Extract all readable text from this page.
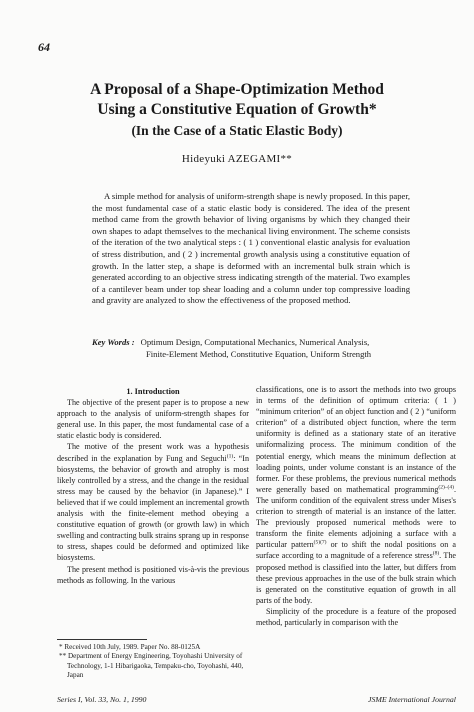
64
A Proposal of a Shape-Optimization Method
Using a Constitutive Equation of Growth*
(In the Case of a Static Elastic Body)
Hideyuki AZEGAMI**
A simple method for analysis of uniform-strength shape is newly proposed. In this paper, the most fundamental case of a static elastic body is considered. The idea of the present method came from the growth behavior of living organisms by which they changed their own shapes to adapt themselves to the mechanical living environment. The scheme consists of the iteration of the two analytical steps : ( 1 ) conventional elastic analysis for evaluation of stress distribution, and ( 2 ) incremental growth analysis using a constitutive equation of growth. In the latter step, a shape is deformed with an incremental bulk strain which is generated according to an objective stress indicating strength of the material. Two examples of a cantilever beam under top shear loading and a column under top compressive loading and gravity are analyzed to show the effectiveness of the proposed method.
Key Words : Optimum Design, Computational Mechanics, Numerical Analysis,
Finite-Element Method, Constitutive Equation, Uniform Strength

1. Introduction

The objective of the present paper is to propose a new approach to the analysis of uniform-strength shapes for general use. In this paper, the most fundamental case of a static elastic body is considered.

The motive of the present work was a hypothesis described in the explanation by Fung and Seguchi$^{(1)}$: “In biosystems, the behavior of growth and atrophy is most likely controlled by a stress, and the change in the residual stress may be caused by the behavior (in Japanese).” I believed that if we could implement an incremental growth analysis with the finite-element method obeying a constitutive equation of growth (or growth law) in which swelling and contracting bulk strains sprang up in response to stress, shapes could be deformed and optimized like biosystems.

The present method is positioned vis-à-vis the previous methods as following. In the various

* Received 10th July, 1989. Paper No. 88-0125A

** Department of Energy Engineering, Toyohashi University of Technology, 1-1 Hibarigaoka, Tempaku-cho, Toyohashi, 440, Japan

classifications, one is to assort the methods into two groups in terms of the definition of optimum criteria: ( 1 ) “minimum criterion” of an object function and ( 2 ) “uniform criterion” of a distributed object function, where the term uniformity is defined as a stationary state of an iterative uniformalizing process. The minimum condition of the potential energy, which means the minimum deflection at loading points, under volume constant is an instance of the former. For these problems, the previous numerical methods were generally based on mathematical programming$^{(2)-(4)}$. The uniform condition of the equivalent stress under Mises's criterion to strength of material is an instance of the latter. The previously proposed numerical methods were to transform the finite elements adjoining a surface with a particular pattern$^{(5)(7)}$ or to shift the nodal positions on a surface according to a magnitude of a reference stress$^{(8)}$. The proposed method is classified into the latter, but differs from these previous approaches in the use of the bulk strain which is generated on the constitutive equation of growth in all parts of the body.

Simplicity of the procedure is a feature of the proposed method, particularly in comparison with the

Series I, Vol. 33, No. 1, 1990	JSME International Journal
